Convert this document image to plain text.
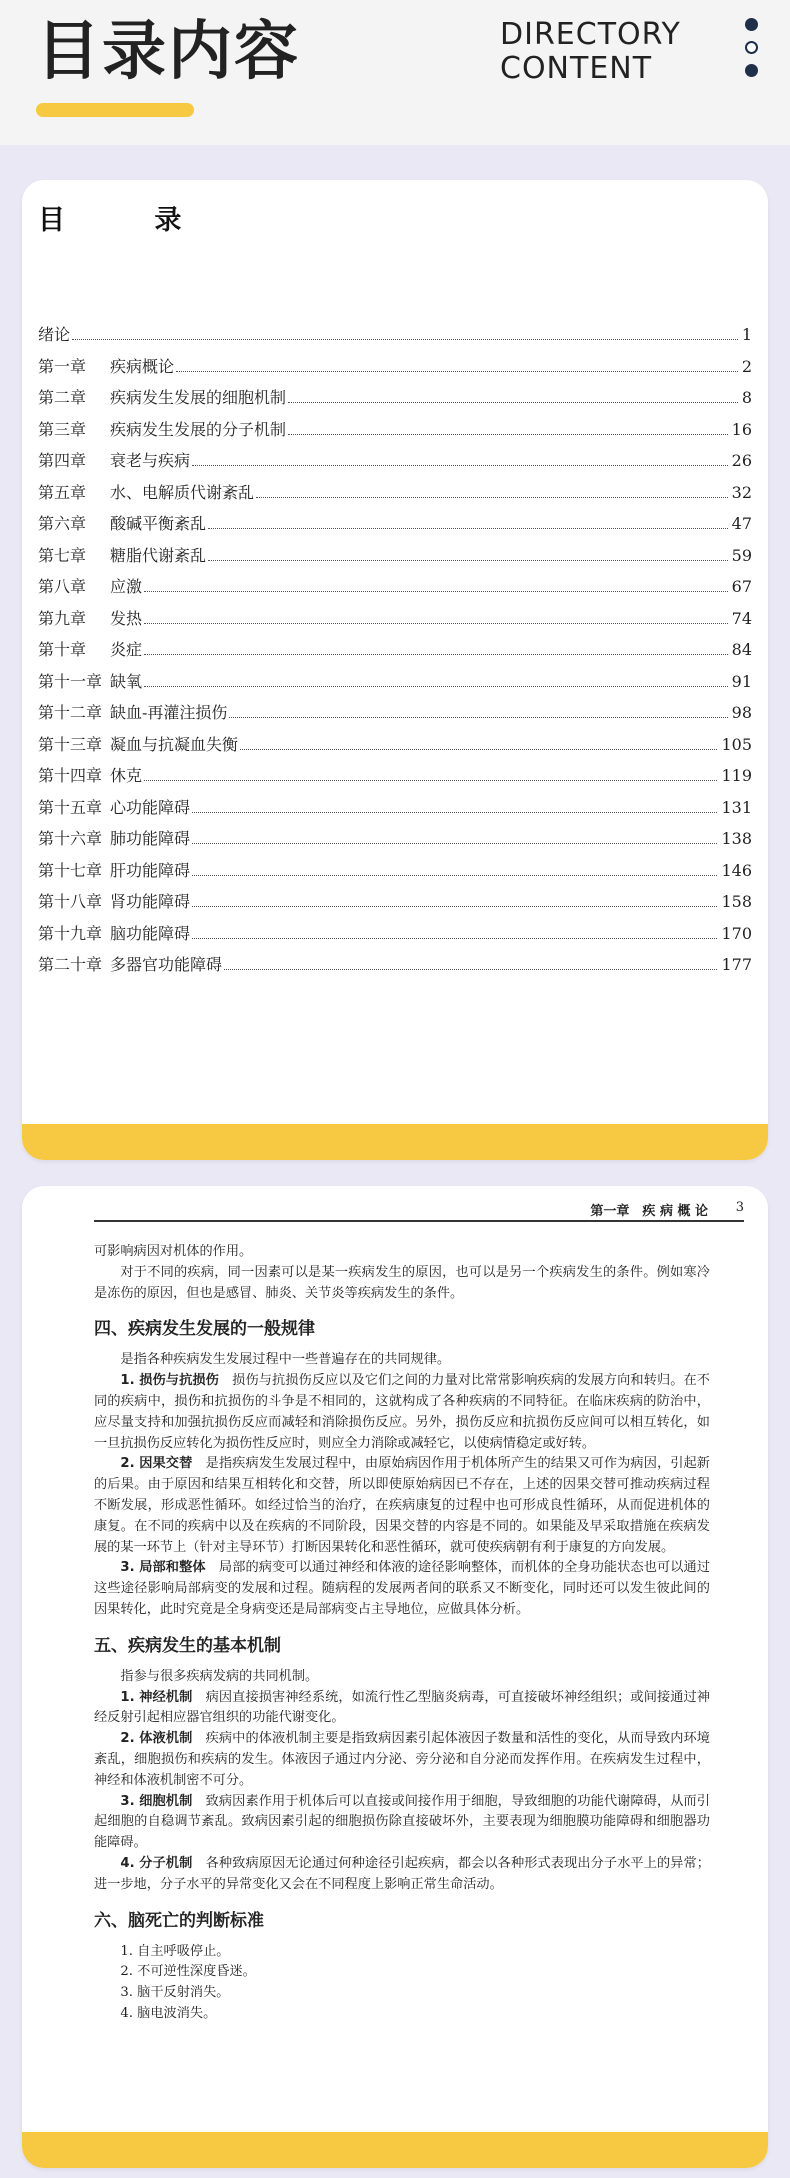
目录内容	DIRECTORY
CONTENT
目 录
绪论	1
第一章	疾病概论	2
第二章	疾病发生发展的细胞机制	8
第三章	疾病发生发展的分子机制	16
第四章	衰老与疾病	26
第五章	水、电解质代谢紊乱	32
第六章	酸碱平衡紊乱	47
第七章	糖脂代谢紊乱	59
第八章	应激	67
第九章	发热	74
第十章	炎症	84
第十一章 缺氧	91
第十二章 缺血-再灌注损伤	98
第十三章 凝血与抗凝血失衡	105
第十四章 休克	119
第十五章 心功能障碍	131
第十六章 肺功能障碍	138
第十七章 肝功能障碍	146
第十八章 肾功能障碍	158
第十九章 脑功能障碍	170
第二十章 多器官功能障碍	177
第一章　疾 病 概 论 3

可影响病因对机体的作用。

对于不同的疾病，同一因素可以是某一疾病发生的原因，也可以是另一个疾病发生的条件。例如寒冷是冻伤的原因，但也是感冒、肺炎、关节炎等疾病发生的条件。

四、疾病发生发展的一般规律

是指各种疾病发生发展过程中一些普遍存在的共同规律。

1. 损伤与抗损伤　损伤与抗损伤反应以及它们之间的力量对比常常影响疾病的发展方向和转归。在不同的疾病中，损伤和抗损伤的斗争是不相同的，这就构成了各种疾病的不同特征。在临床疾病的防治中，应尽量支持和加强抗损伤反应而减轻和消除损伤反应。另外，损伤反应和抗损伤反应间可以相互转化，如一旦抗损伤反应转化为损伤性反应时，则应全力消除或减轻它，以使病情稳定或好转。

2. 因果交替　是指疾病发生发展过程中，由原始病因作用于机体所产生的结果又可作为病因，引起新的后果。由于原因和结果互相转化和交替，所以即使原始病因已不存在，上述的因果交替可推动疾病过程不断发展，形成恶性循环。如经过恰当的治疗，在疾病康复的过程中也可形成良性循环，从而促进机体的康复。在不同的疾病中以及在疾病的不同阶段，因果交替的内容是不同的。如果能及早采取措施在疾病发展的某一环节上（针对主导环节）打断因果转化和恶性循环，就可使疾病朝有利于康复的方向发展。

3. 局部和整体　局部的病变可以通过神经和体液的途径影响整体，而机体的全身功能状态也可以通过这些途径影响局部病变的发展和过程。随病程的发展两者间的联系又不断变化，同时还可以发生彼此间的因果转化，此时究竟是全身病变还是局部病变占主导地位，应做具体分析。

五、疾病发生的基本机制

指参与很多疾病发病的共同机制。

1. 神经机制　病因直接损害神经系统，如流行性乙型脑炎病毒，可直接破坏神经组织；或间接通过神经反射引起相应器官组织的功能代谢变化。

2. 体液机制　疾病中的体液机制主要是指致病因素引起体液因子数量和活性的变化，从而导致内环境紊乱，细胞损伤和疾病的发生。体液因子通过内分泌、旁分泌和自分泌而发挥作用。在疾病发生过程中，神经和体液机制密不可分。

3. 细胞机制　致病因素作用于机体后可以直接或间接作用于细胞，导致细胞的功能代谢障碍，从而引起细胞的自稳调节紊乱。致病因素引起的细胞损伤除直接破坏外，主要表现为细胞膜功能障碍和细胞器功能障碍。

4. 分子机制　各种致病原因无论通过何种途径引起疾病，都会以各种形式表现出分子水平上的异常；进一步地，分子水平的异常变化又会在不同程度上影响正常生命活动。

六、脑死亡的判断标准

1. 自主呼吸停止。

2. 不可逆性深度昏迷。

3. 脑干反射消失。

4. 脑电波消失。
